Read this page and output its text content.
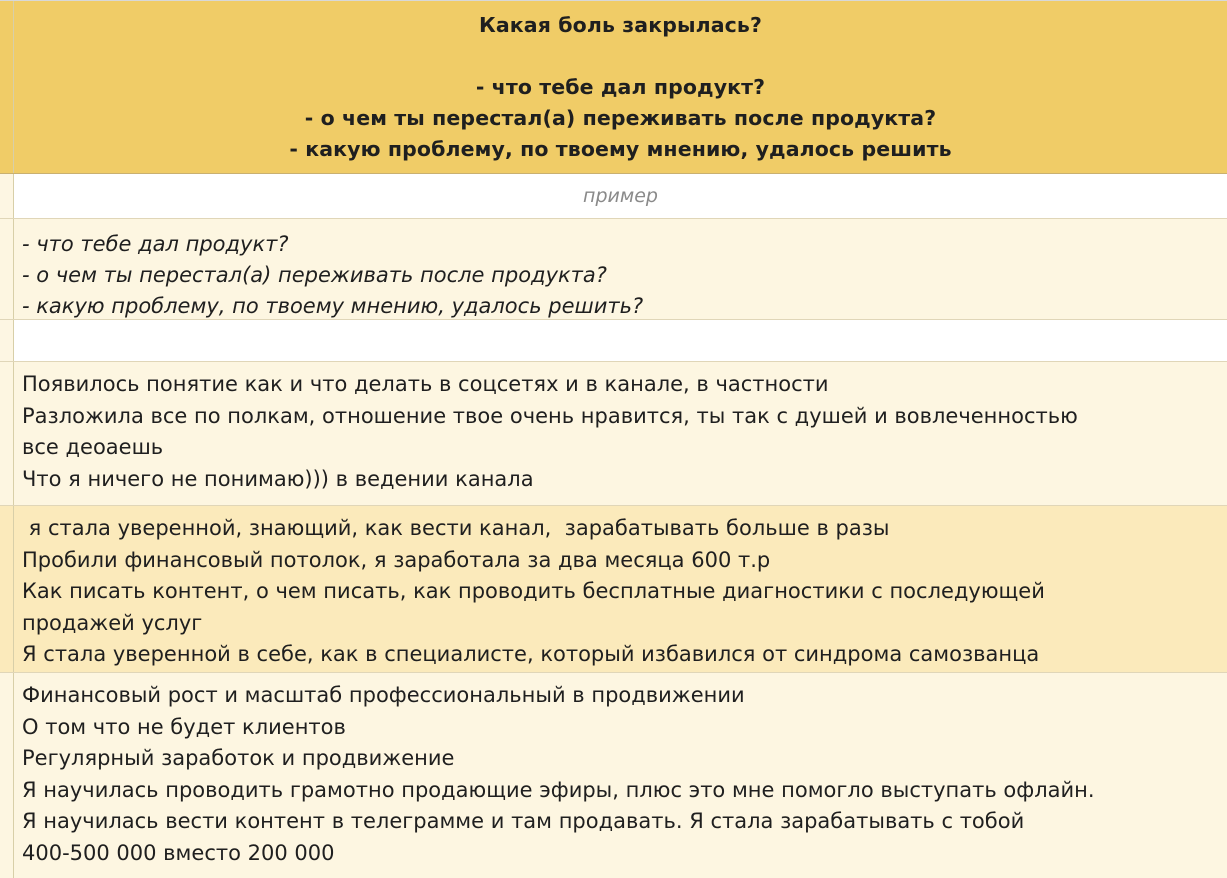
Какая боль закрылась?
- что тебе дал продукт?
- о чем ты перестал(а) переживать после продукта?
- какую проблему, по твоему мнению, удалось решить
пример
- что тебе дал продукт?
- о чем ты перестал(а) переживать после продукта?
- какую проблему, по твоему мнению, удалось решить?
Появилось понятие как и что делать в соцсетях и в канале, в частности
Разложила все по полкам, отношение твое очень нравится, ты так с душей и вовлеченностью
все деоаешь
Что я ничего не понимаю))) в ведении канала
я стала уверенной, знающий, как вести канал,  зарабатывать больше в разы
Пробили финансовый потолок, я заработала за два месяца 600 т.р
Как писать контент, о чем писать, как проводить бесплатные диагностики с последующей
продажей услуг
Я стала уверенной в себе, как в специалисте, который избавился от синдрома самозванца
Финансовый рост и масштаб профессиональный в продвижении
О том что не будет клиентов
Регулярный заработок и продвижение
Я научилась проводить грамотно продающие эфиры, плюс это мне помогло выступать офлайн.
Я научилась вести контент в телеграмме и там продавать. Я стала зарабатывать с тобой
400-500 000 вместо 200 000
